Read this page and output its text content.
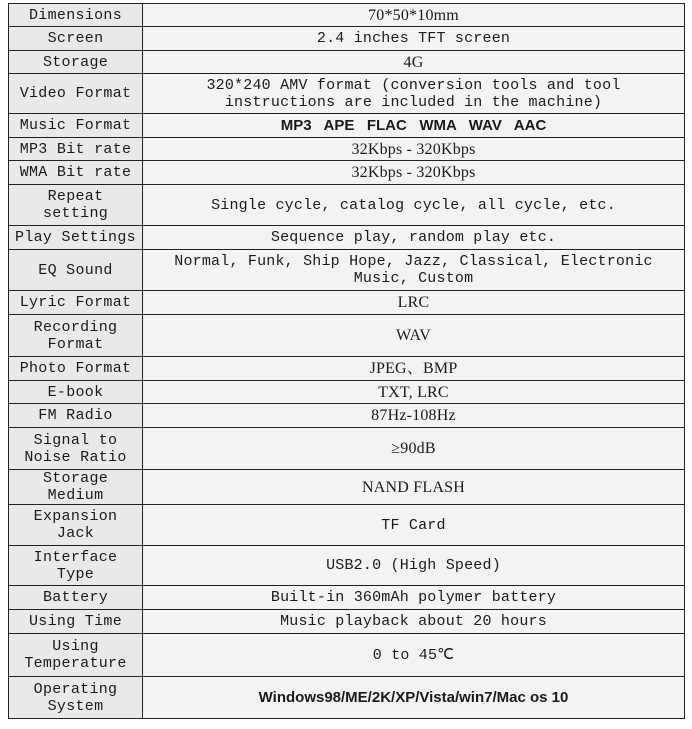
Dimensions	70*50*10mm
Screen	2.4 inches TFT screen
Storage	4G
Video Format	320*240 AMV format (conversion tools and tool instructions are included in the machine)
Music Format	MP3   APE   FLAC   WMA   WAV   AAC
MP3 Bit rate	32Kbps - 320Kbps
WMA Bit rate	32Kbps - 320Kbps
Repeat setting	Single cycle, catalog cycle, all cycle, etc.
Play Settings	Sequence play, random play etc.
EQ Sound	Normal, Funk, Ship Hope, Jazz, Classical, Electronic Music, Custom
Lyric Format	LRC
Recording Format	WAV
Photo Format	JPEG、BMP
E-book	TXT, LRC
FM Radio	87Hz-108Hz
Signal to Noise Ratio	≥90dB
Storage Medium	NAND FLASH
Expansion Jack	TF Card
Interface Type	USB2.0 (High Speed)
Battery	Built-in 360mAh polymer battery
Using Time	Music playback about 20 hours
Using Temperature	0 to 45℃
Operating System	Windows98/ME/2K/XP/Vista/win7/Mac os 10
